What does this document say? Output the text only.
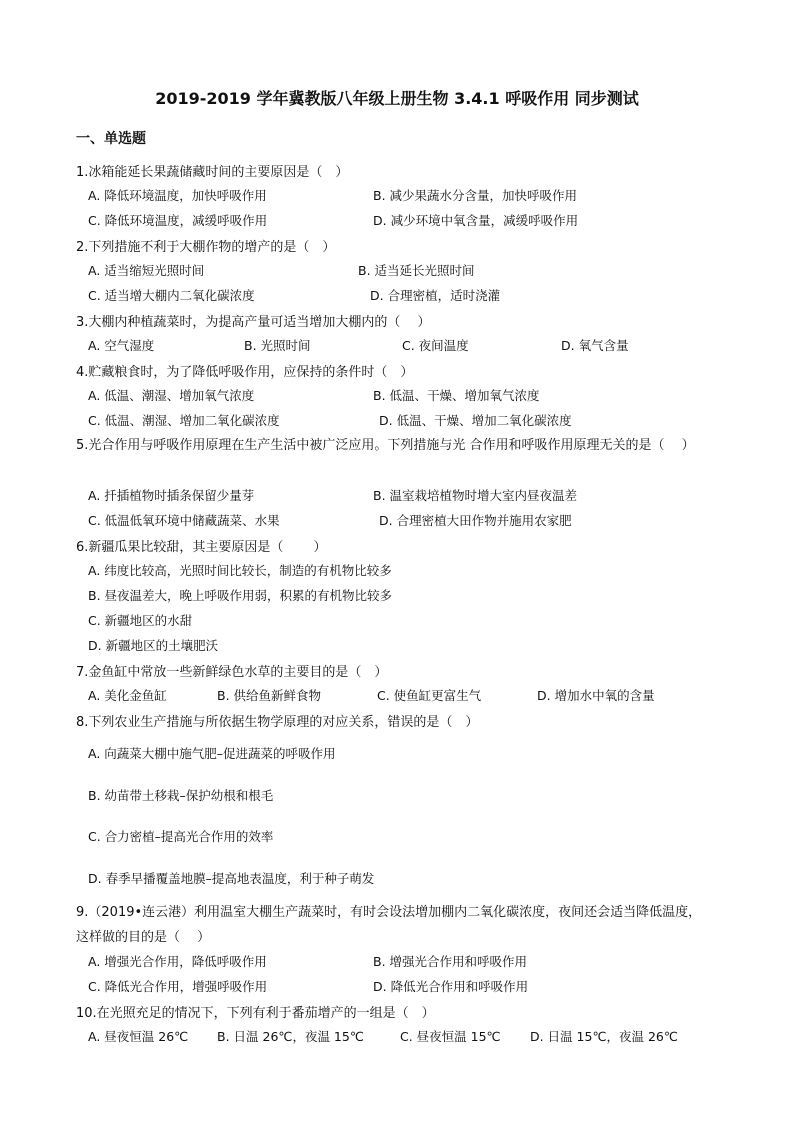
2019-2019 学年冀教版八年级上册生物 3.4.1 呼吸作用 同步测试
一、单选题
1.冰箱能延长果蔬储藏时间的主要原因是（　）
A. 降低环境温度，加快呼吸作用	B. 减少果蔬水分含量，加快呼吸作用
C. 降低环境温度，减缓呼吸作用	D. 减少环境中氧含量，减缓呼吸作用
2.下列措施不利于大棚作物的增产的是（　）
A. 适当缩短光照时间	B. 适当延长光照时间
C. 适当增大棚内二氧化碳浓度	D. 合理密植，适时浇灌
3.大棚内种植蔬菜时，为提高产量可适当增加大棚内的（　 ）
A. 空气湿度	B. 光照时间	C. 夜间温度	D. 氧气含量
4.贮藏粮食时，为了降低呼吸作用，应保持的条件时（　）
A. 低温、潮湿、增加氧气浓度	B. 低温、干燥、增加氧气浓度
C. 低温、潮湿、增加二氧化碳浓度	D. 低温、干燥、增加二氧化碳浓度
5.光合作用与呼吸作用原理在生产生活中被广泛应用。下列措施与光 合作用和呼吸作用原理无关的是（　 ）
A. 扦插植物时插条保留少量芽	B. 温室栽培植物时增大室内昼夜温差
C. 低温低氧环境中储藏蔬菜、水果	D. 合理密植大田作物并施用农家肥
6.新疆瓜果比较甜，其主要原因是（　 　）
A. 纬度比较高，光照时间比较长，制造的有机物比较多
B. 昼夜温差大，晚上呼吸作用弱，积累的有机物比较多
C. 新疆地区的水甜
D. 新疆地区的土壤肥沃
7.金鱼缸中常放一些新鲜绿色水草的主要目的是（　）
A. 美化金鱼缸	B. 供给鱼新鲜食物	C. 使鱼缸更富生气	D. 增加水中氧的含量
8.下列农业生产措施与所依据生物学原理的对应关系，错误的是（　）
A. 向蔬菜大棚中施气肥–促进蔬菜的呼吸作用
B. 幼苗带土移栽–保护幼根和根毛
C. 合力密植–提高光合作用的效率
D. 春季早播覆盖地膜–提高地表温度，利于种子萌发
9.（2019•连云港）利用温室大棚生产蔬菜时，有时会设法增加棚内二氧化碳浓度，夜间还会适当降低温度，这样做的目的是（　 ）
A. 增强光合作用，降低呼吸作用	B. 增强光合作用和呼吸作用
C. 降低光合作用，增强呼吸作用	D. 降低光合作用和呼吸作用
10.在光照充足的情况下，下列有利于番茄增产的一组是（　）
A. 昼夜恒温 26℃ B. 日温 26℃，夜温 15℃	C. 昼夜恒温 15℃ D. 日温 15℃，夜温 26℃
